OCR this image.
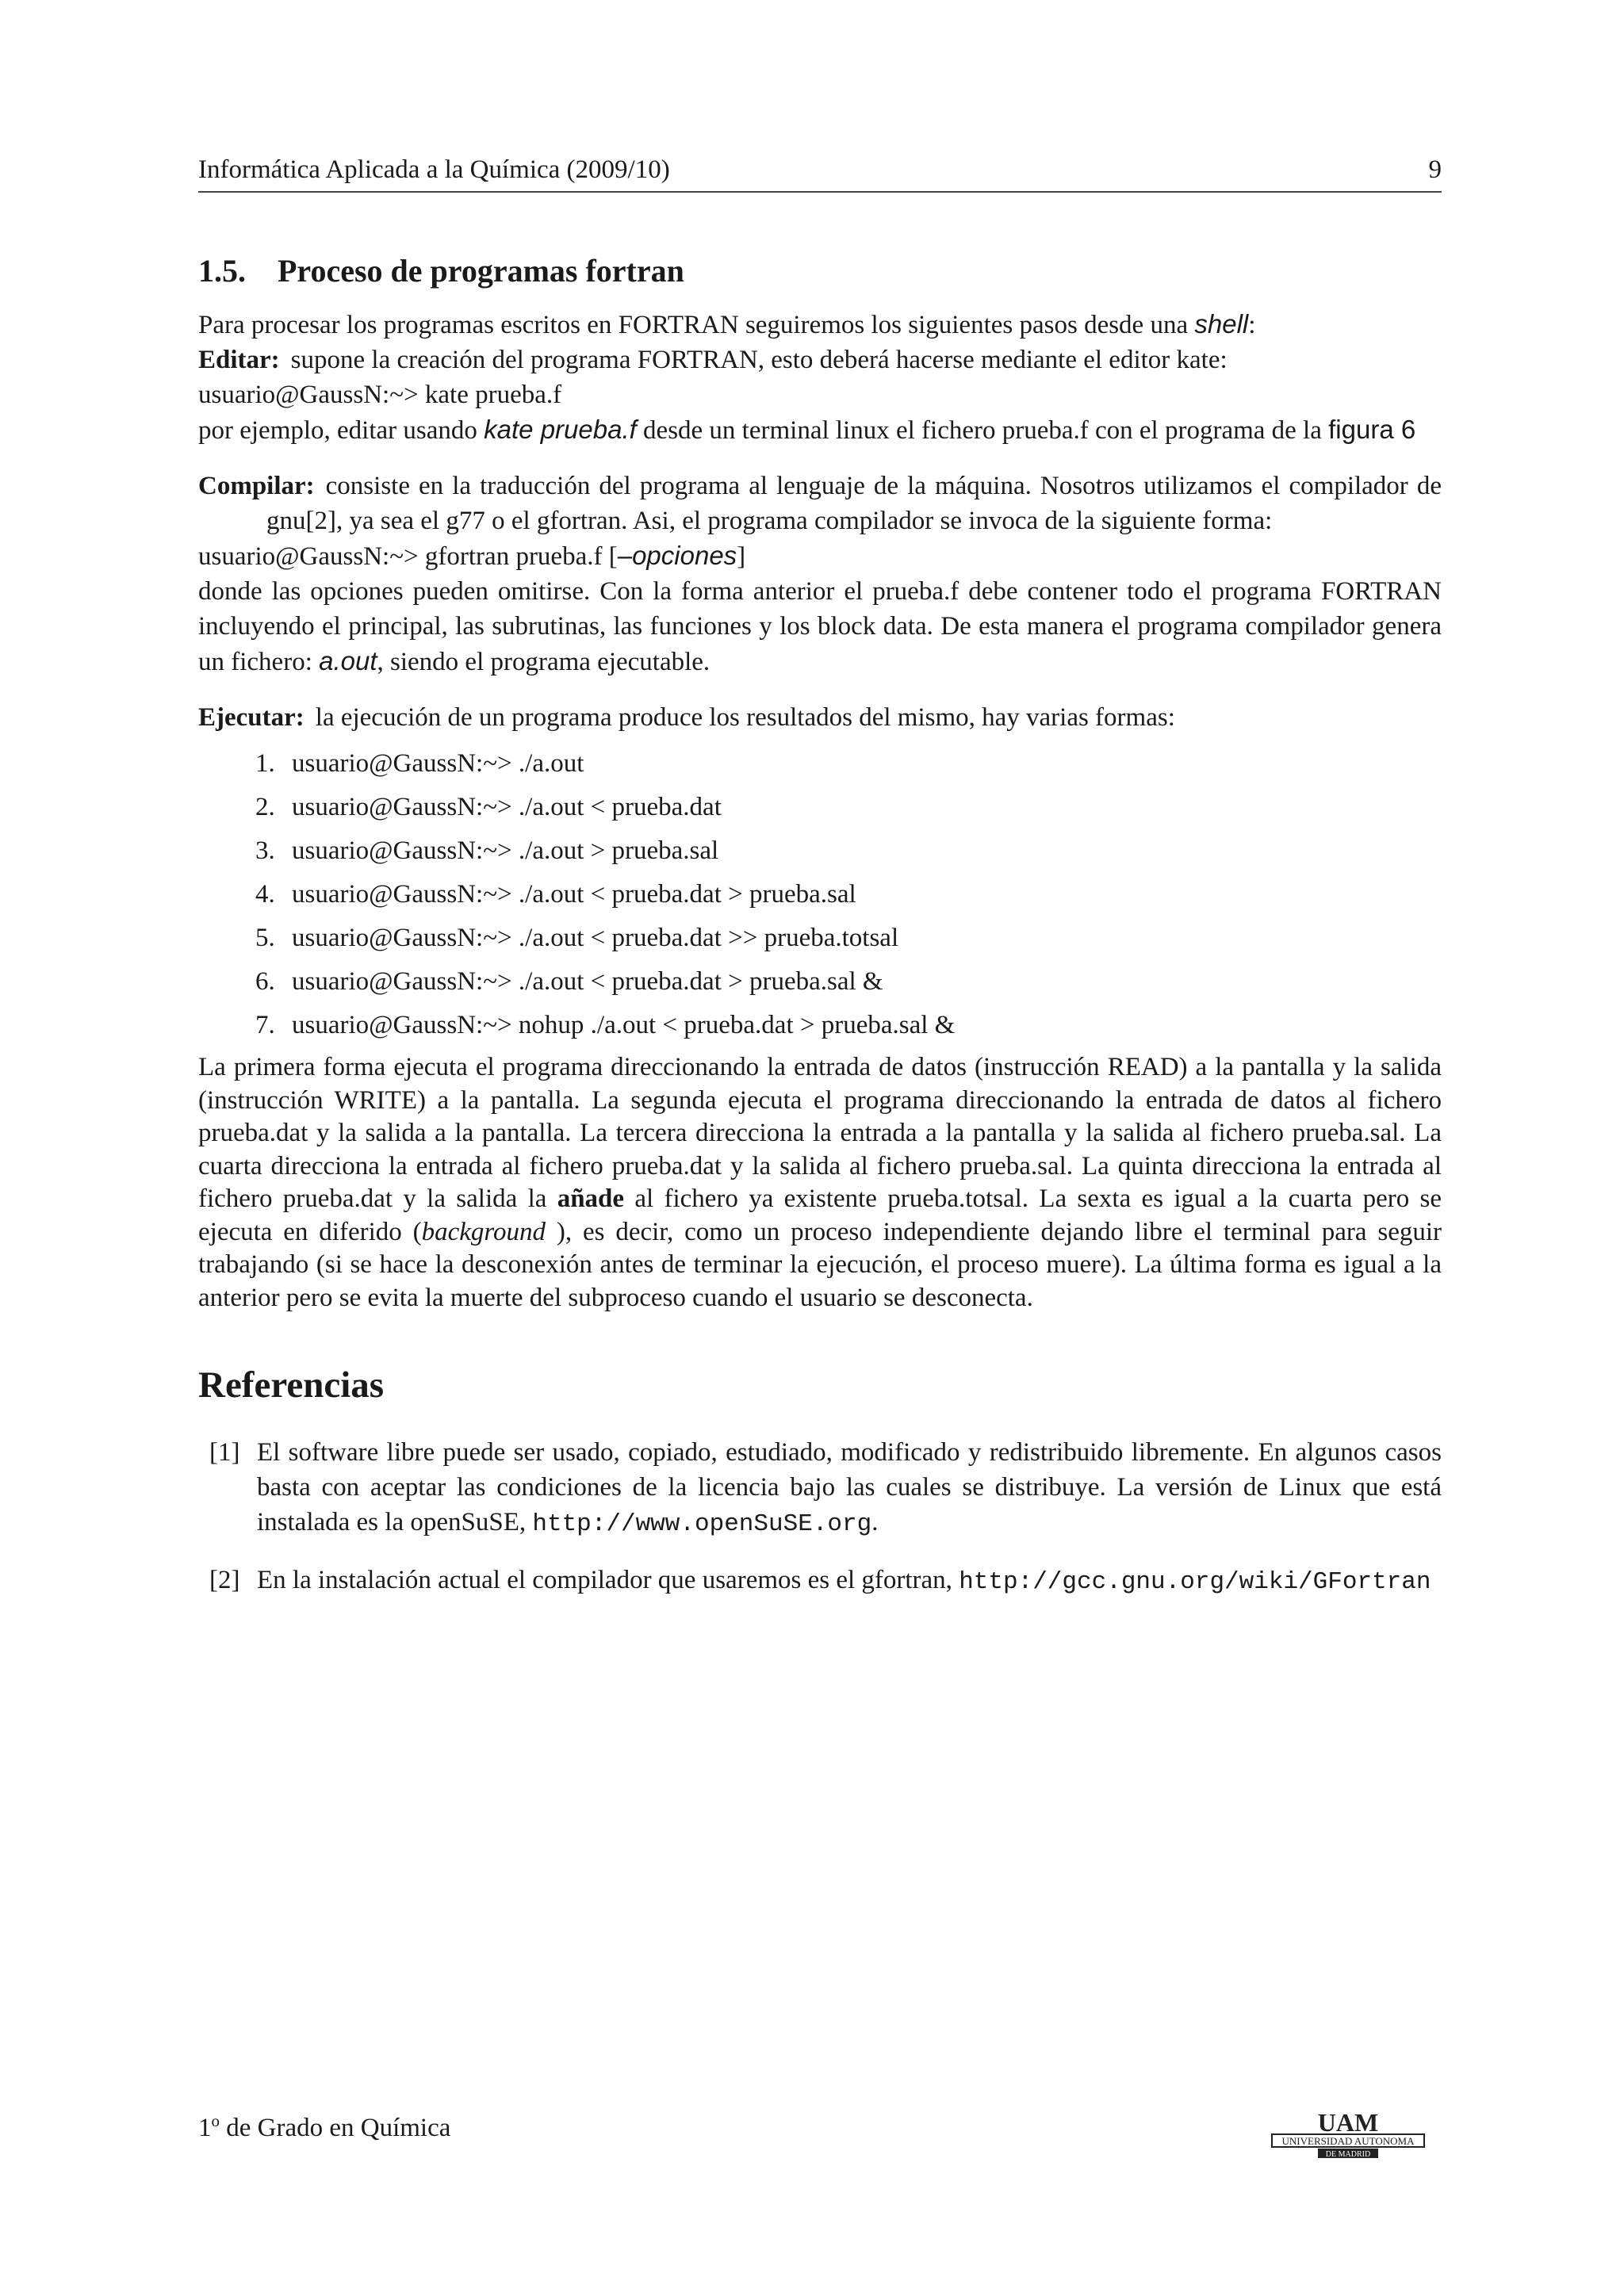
Informática Aplicada a la Química (2009/10)	9
1.5. Proceso de programas fortran

Para procesar los programas escritos en FORTRAN seguiremos los siguientes pasos desde una shell:

Editar: supone la creación del programa FORTRAN, esto deberá hacerse mediante el editor kate:

usuario@GaussN:~> kate prueba.f

por ejemplo, editar usando kate prueba.f desde un terminal linux el fichero prueba.f con el programa de la figura 6

Compilar: consiste en la traducción del programa al lenguaje de la máquina. Nosotros utilizamos el compilador de gnu[2], ya sea el g77 o el gfortran. Asi, el programa compilador se invoca de la siguiente forma:

usuario@GaussN:~> gfortran prueba.f [–opciones]

donde las opciones pueden omitirse. Con la forma anterior el prueba.f debe contener todo el programa FORTRAN incluyendo el principal, las subrutinas, las funciones y los block data. De esta manera el programa compilador genera un fichero: a.out, siendo el programa ejecutable.

Ejecutar: la ejecución de un programa produce los resultados del mismo, hay varias formas:

1. usuario@GaussN:~> ./a.out
2. usuario@GaussN:~> ./a.out < prueba.dat
3. usuario@GaussN:~> ./a.out > prueba.sal
4. usuario@GaussN:~> ./a.out < prueba.dat > prueba.sal
5. usuario@GaussN:~> ./a.out < prueba.dat >> prueba.totsal
6. usuario@GaussN:~> ./a.out < prueba.dat > prueba.sal &
7. usuario@GaussN:~> nohup ./a.out < prueba.dat > prueba.sal &

La primera forma ejecuta el programa direccionando la entrada de datos (instrucción READ) a la pantalla y la salida (instrucción WRITE) a la pantalla. La segunda ejecuta el programa direccionando la entrada de datos al fichero prueba.dat y la salida a la pantalla. La tercera direcciona la entrada a la pantalla y la salida al fichero prueba.sal. La cuarta direcciona la entrada al fichero prueba.dat y la salida al fichero prueba.sal. La quinta direcciona la entrada al fichero prueba.dat y la salida la añade al fichero ya existente prueba.totsal. La sexta es igual a la cuarta pero se ejecuta en diferido (background ), es decir, como un proceso independiente dejando libre el terminal para seguir trabajando (si se hace la desconexión antes de terminar la ejecución, el proceso muere). La última forma es igual a la anterior pero se evita la muerte del subproceso cuando el usuario se desconecta.

Referencias
[1] El software libre puede ser usado, copiado, estudiado, modificado y redistribuido libremente. En algunos casos basta con aceptar las condiciones de la licencia bajo las cuales se distribuye. La versión de Linux que está instalada es la openSuSE, http://www.openSuSE.org.
[2] En la instalación actual el compilador que usaremos es el gfortran, http://gcc.gnu.org/wiki/GFortran
1$^o$ de Grado en Química	UAM
UNIVERSIDAD AUTONOMA
DE MADRID
